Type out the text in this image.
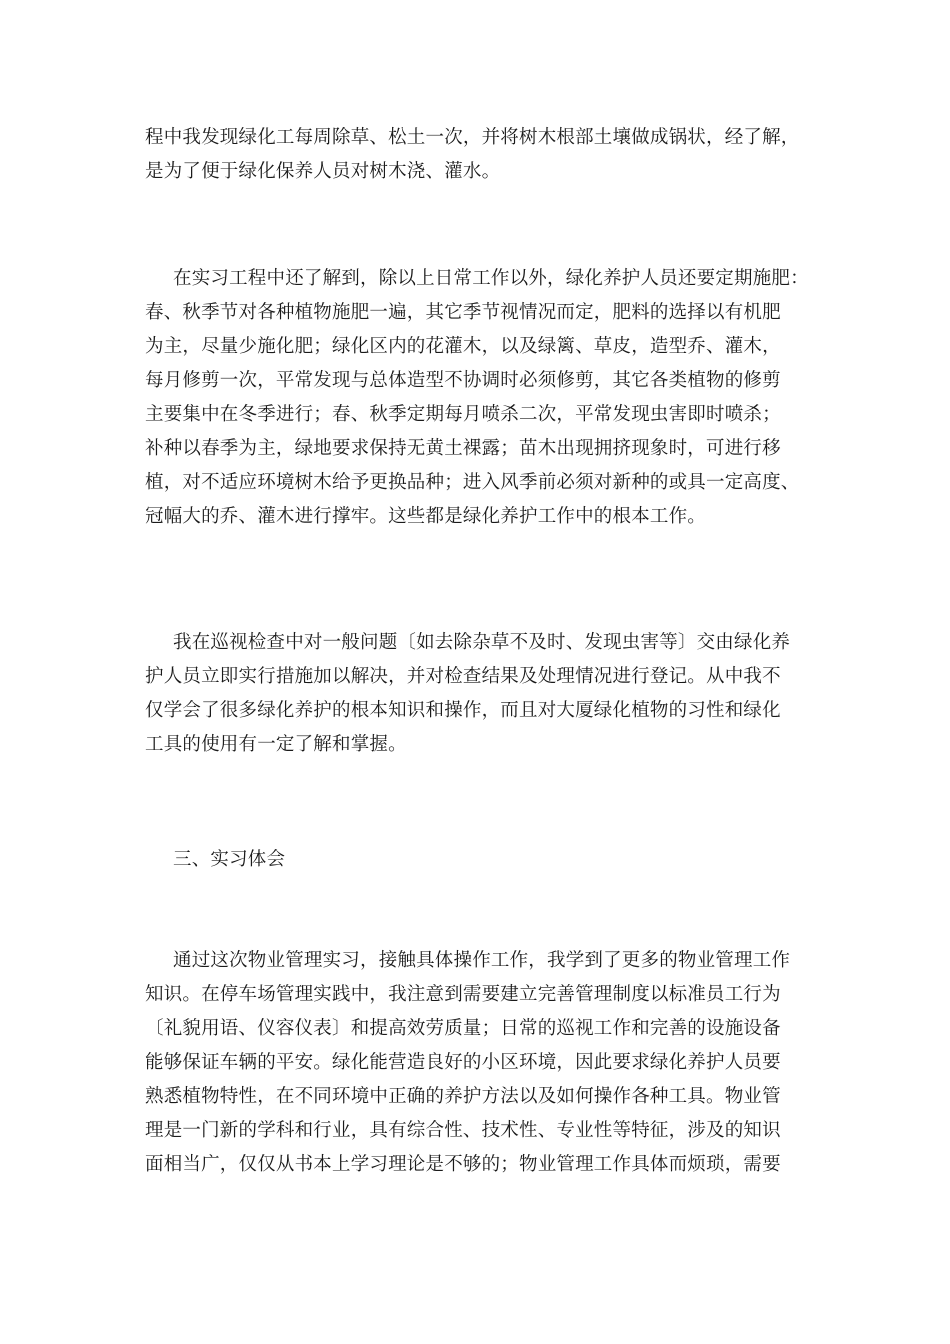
程中我发现绿化工每周除草、松土一次，并将树木根部土壤做成锅状，经了解，
是为了便于绿化保养人员对树木浇、灌水。
在实习工程中还了解到，除以上日常工作以外，绿化养护人员还要定期施肥：
春、秋季节对各种植物施肥一遍，其它季节视情况而定，肥料的选择以有机肥
为主，尽量少施化肥；绿化区内的花灌木，以及绿篱、草皮，造型乔、灌木，
每月修剪一次，平常发现与总体造型不协调时必须修剪，其它各类植物的修剪
主要集中在冬季进行；春、秋季定期每月喷杀二次，平常发现虫害即时喷杀；
补种以春季为主，绿地要求保持无黄土裸露；苗木出现拥挤现象时，可进行移
植，对不适应环境树木给予更换品种；进入风季前必须对新种的或具一定高度、
冠幅大的乔、灌木进行撑牢。这些都是绿化养护工作中的根本工作。
我在巡视检查中对一般问题〔如去除杂草不及时、发现虫害等〕交由绿化养
护人员立即实行措施加以解决，并对检查结果及处理情况进行登记。从中我不
仅学会了很多绿化养护的根本知识和操作，而且对大厦绿化植物的习性和绿化
工具的使用有一定了解和掌握。
三、实习体会
通过这次物业管理实习，接触具体操作工作，我学到了更多的物业管理工作
知识。在停车场管理实践中，我注意到需要建立完善管理制度以标准员工行为
〔礼貌用语、仪容仪表〕和提高效劳质量；日常的巡视工作和完善的设施设备
能够保证车辆的平安。绿化能营造良好的小区环境，因此要求绿化养护人员要
熟悉植物特性，在不同环境中正确的养护方法以及如何操作各种工具。物业管
理是一门新的学科和行业，具有综合性、技术性、专业性等特征，涉及的知识
面相当广，仅仅从书本上学习理论是不够的；物业管理工作具体而烦琐，需要
